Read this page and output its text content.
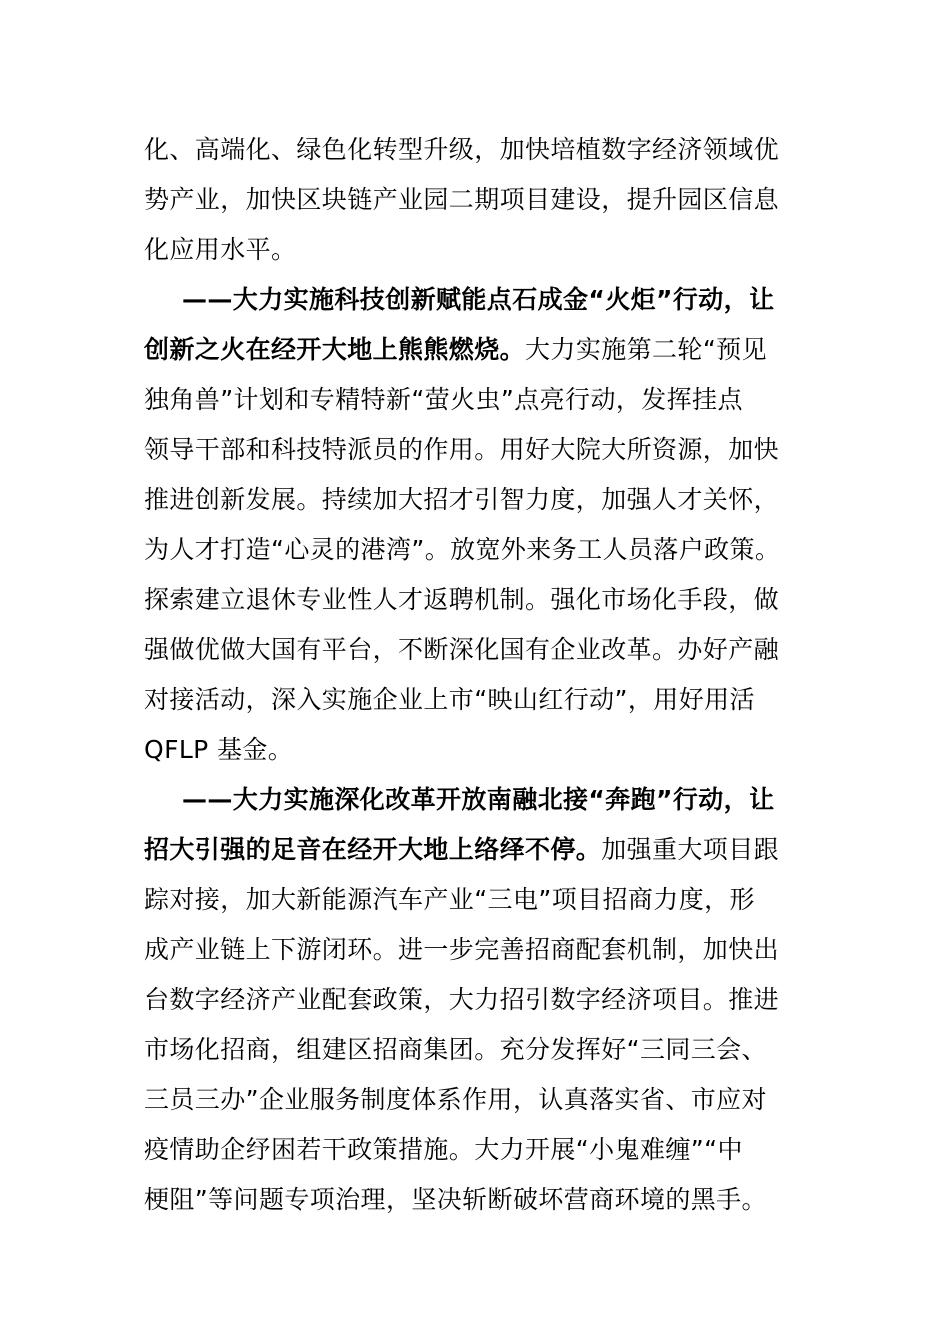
化、高端化、绿色化转型升级，加快培植数字经济领域优
势产业，加快区块链产业园二期项目建设，提升园区信息
化应用水平。
——大力实施科技创新赋能点石成金“火炬”行动，让
创新之火在经开大地上熊熊燃烧。大力实施第二轮“预见
独角兽”计划和专精特新“萤火虫”点亮行动，发挥挂点
领导干部和科技特派员的作用。用好大院大所资源，加快
推进创新发展。持续加大招才引智力度，加强人才关怀，
为人才打造“心灵的港湾”。放宽外来务工人员落户政策。
探索建立退休专业性人才返聘机制。强化市场化手段，做
强做优做大国有平台，不断深化国有企业改革。办好产融
对接活动，深入实施企业上市“映山红行动”，用好用活
QFLP 基金。
——大力实施深化改革开放南融北接“奔跑”行动，让
招大引强的足音在经开大地上络绎不停。加强重大项目跟
踪对接，加大新能源汽车产业“三电”项目招商力度，形
成产业链上下游闭环。进一步完善招商配套机制，加快出
台数字经济产业配套政策，大力招引数字经济项目。推进
市场化招商，组建区招商集团。充分发挥好“三同三会、
三员三办”企业服务制度体系作用，认真落实省、市应对
疫情助企纾困若干政策措施。大力开展“小鬼难缠”“中
梗阻”等问题专项治理，坚决斩断破坏营商环境的黑手。
